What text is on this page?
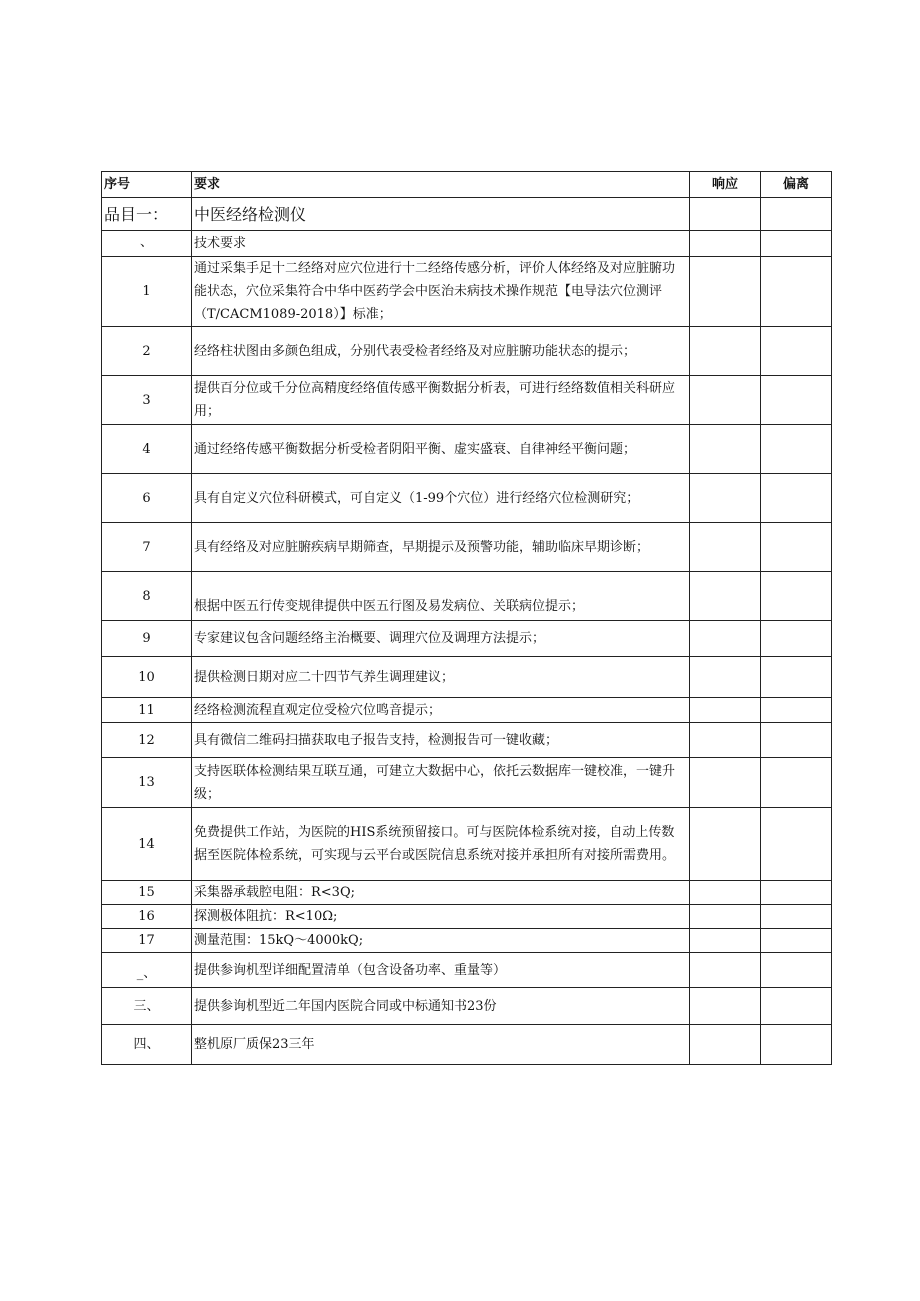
序号	要求	响应	偏离
品目一：	中医经络检测仪		
、	技术要求		
1	通过采集手足十二经络对应穴位进行十二经络传感分析，评价人体经络及对应脏腑功能状态，穴位采集符合中华中医药学会中医治未病技术操作规范【电导法穴位测评（T/CACM1089-2018）】标准；		
2	经络柱状图由多颜色组成，分别代表受检者经络及对应脏腑功能状态的提示；		
3	提供百分位或千分位高精度经络值传感平衡数据分析表，可进行经络数值相关科研应用；		
4	通过经络传感平衡数据分析受检者阴阳平衡、虚实盛衰、自律神经平衡问题；		
6	具有自定义穴位科研模式，可自定义（1-99个穴位）进行经络穴位检测研究；		
7	具有经络及对应脏腑疾病早期筛查，早期提示及预警功能，辅助临床早期诊断；		
8	根据中医五行传变规律提供中医五行图及易发病位、关联病位提示；		
9	专家建议包含问题经络主治概要、调理穴位及调理方法提示；		
10	提供检测日期对应二十四节气养生调理建议；		
11	经络检测流程直观定位受检穴位鸣音提示；		
12	具有微信二维码扫描获取电子报告支持，检测报告可一键收藏；		
13	支持医联体检测结果互联互通，可建立大数据中心，依托云数据库一键校准，一键升级；		
14	免费提供工作站，为医院的HIS系统预留接口。可与医院体检系统对接，自动上传数据至医院体检系统，可实现与云平台或医院信息系统对接并承担所有对接所需费用。		
15	采集器承载腔电阻：R<3Q;		
16	探测极体阻抗：R<10Ω;		
17	测量范围：15kQ〜4000kQ;		
_、	提供参询机型详细配置清单（包含设备功率、重量等）		
三、	提供参询机型近二年国内医院合同或中标通知书23份		
四、	整机原厂质保23三年		
